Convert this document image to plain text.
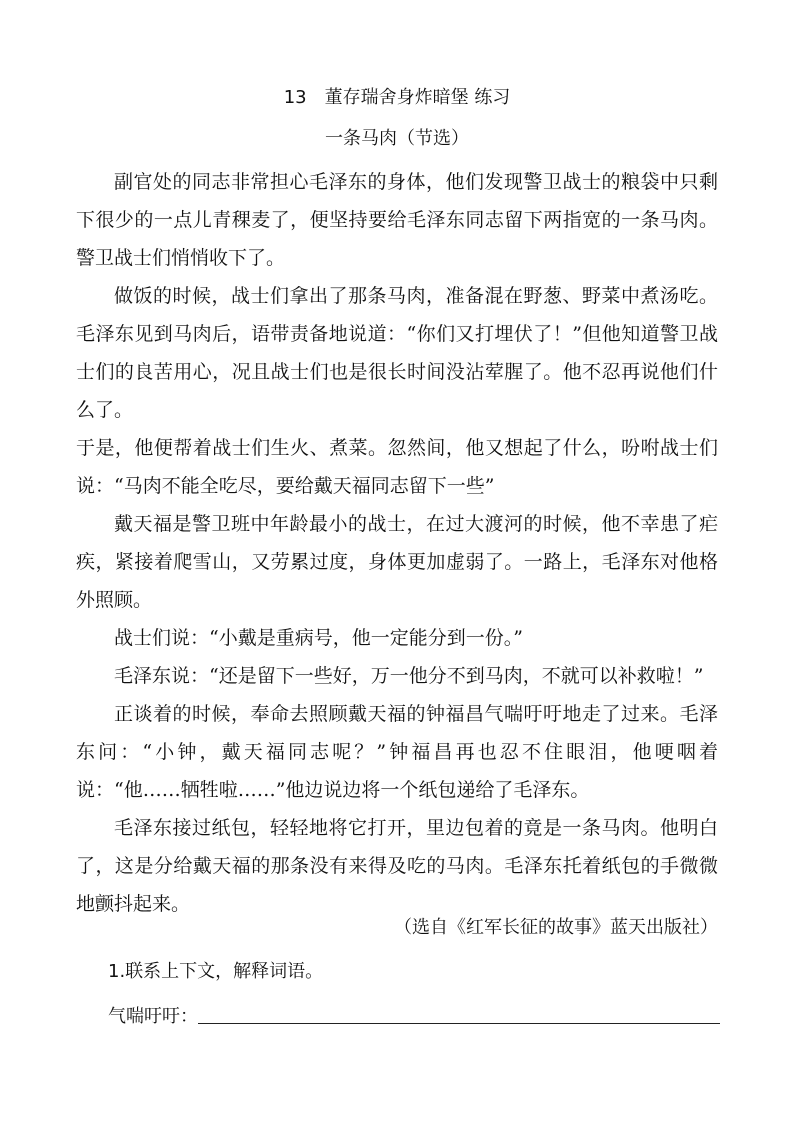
13　董存瑞舍身炸暗堡 练习
一条马肉（节选）

副官处的同志非常担心毛泽东的身体，他们发现警卫战士的粮袋中只剩下很少的一点儿青稞麦了，便坚持要给毛泽东同志留下两指宽的一条马肉。警卫战士们悄悄收下了。

做饭的时候，战士们拿出了那条马肉，准备混在野葱、野菜中煮汤吃。毛泽东见到马肉后，语带责备地说道：“你们又打埋伏了！”但他知道警卫战士们的良苦用心，况且战士们也是很长时间没沾荤腥了。他不忍再说他们什么了。

于是，他便帮着战士们生火、煮菜。忽然间，他又想起了什么，吩咐战士们说：“马肉不能全吃尽，要给戴天福同志留下一些”

戴天福是警卫班中年龄最小的战士，在过大渡河的时候，他不幸患了疟疾，紧接着爬雪山，又劳累过度，身体更加虚弱了。一路上，毛泽东对他格外照顾。

战士们说：“小戴是重病号，他一定能分到一份。”

毛泽东说：“还是留下一些好，万一他分不到马肉，不就可以补救啦！”

正谈着的时候，奉命去照顾戴天福的钟福昌气喘吁吁地走了过来。毛泽东问：“小钟，戴天福同志呢？”钟福昌再也忍不住眼泪，他哽咽着说：“他……牺牲啦……”他边说边将一个纸包递给了毛泽东。

毛泽东接过纸包，轻轻地将它打开，里边包着的竟是一条马肉。他明白了，这是分给戴天福的那条没有来得及吃的马肉。毛泽东托着纸包的手微微地颤抖起来。

（选自《红军长征的故事》蓝天出版社）
1.联系上下文，解释词语。
气喘吁吁：
